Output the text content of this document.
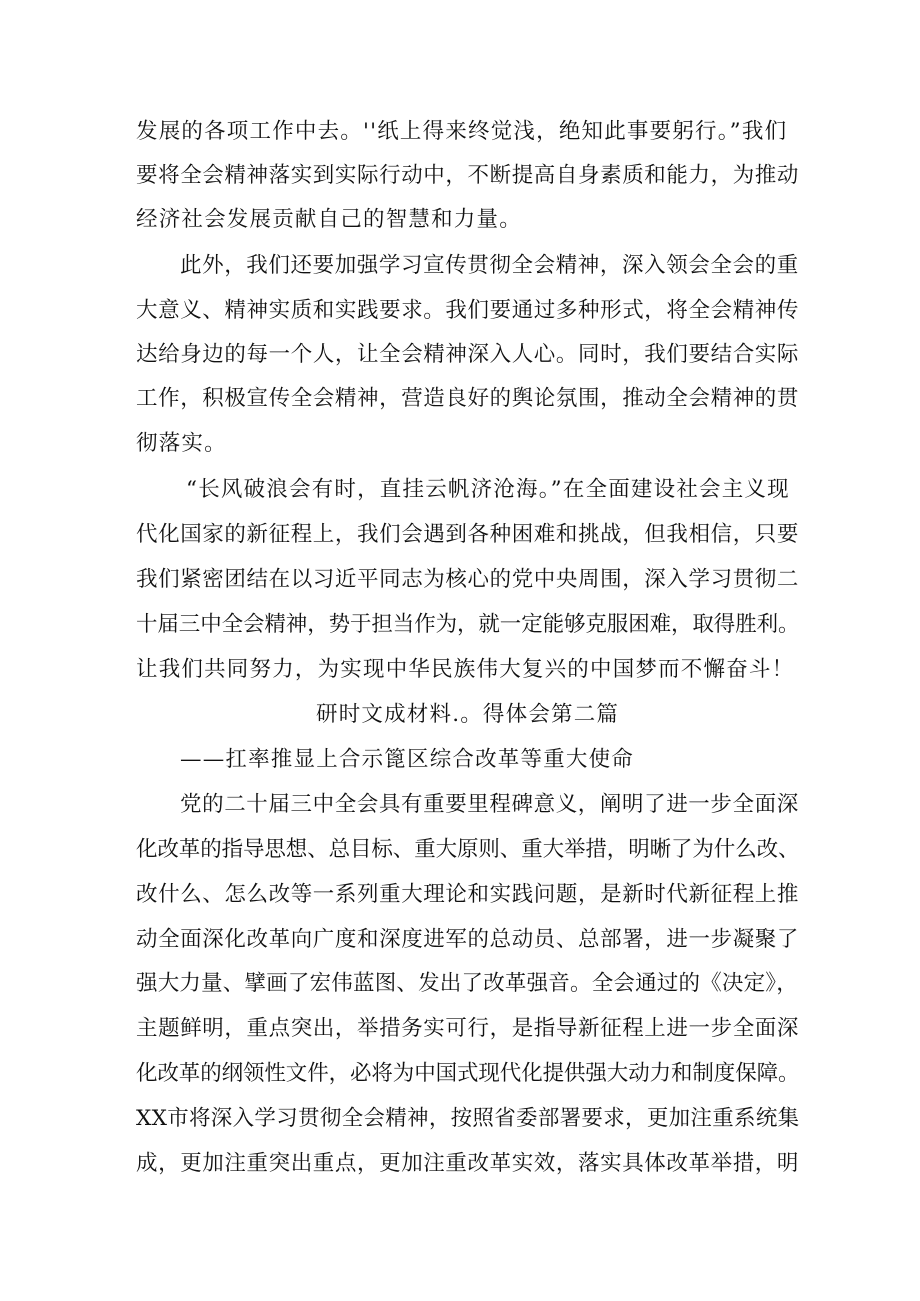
发展的各项工作中去。''纸上得来终觉浅，绝知此事要躬行。”我们
要将全会精神落实到实际行动中，不断提高自身素质和能力，为推动
经济社会发展贡献自己的智慧和力量。
此外，我们还要加强学习宣传贯彻全会精神，深入领会全会的重
大意义、精神实质和实践要求。我们要通过多种形式，将全会精神传
达给身边的每一个人，让全会精神深入人心。同时，我们要结合实际
工作，积极宣传全会精神，营造良好的舆论氛围，推动全会精神的贯
彻落实。
“长风破浪会有时，直挂云帆济沧海。”在全面建设社会主义现
代化国家的新征程上，我们会遇到各种困难和挑战，但我相信，只要
我们紧密团结在以习近平同志为核心的党中央周围，深入学习贯彻二
十届三中全会精神，势于担当作为，就一定能够克服困难，取得胜利。
让我们共同努力，为实现中华民族伟大复兴的中国梦而不懈奋斗！
研时文成材料.。得体会第二篇
——扛率推显上合示篦区综合改革等重大使命
党的二十届三中全会具有重要里程碑意义，阐明了进一步全面深
化改革的指导思想、总目标、重大原则、重大举措，明晰了为什么改、
改什么、怎么改等一系列重大理论和实践问题，是新时代新征程上推
动全面深化改革向广度和深度进军的总动员、总部署，进一步凝聚了
强大力量、擘画了宏伟蓝图、发出了改革强音。全会通过的《决定》，
主题鲜明，重点突出，举措务实可行，是指导新征程上进一步全面深
化改革的纲领性文件，必将为中国式现代化提供强大动力和制度保障。
XX市将深入学习贯彻全会精神，按照省委部署要求，更加注重系统集
成，更加注重突出重点，更加注重改革实效，落实具体改革举措，明
